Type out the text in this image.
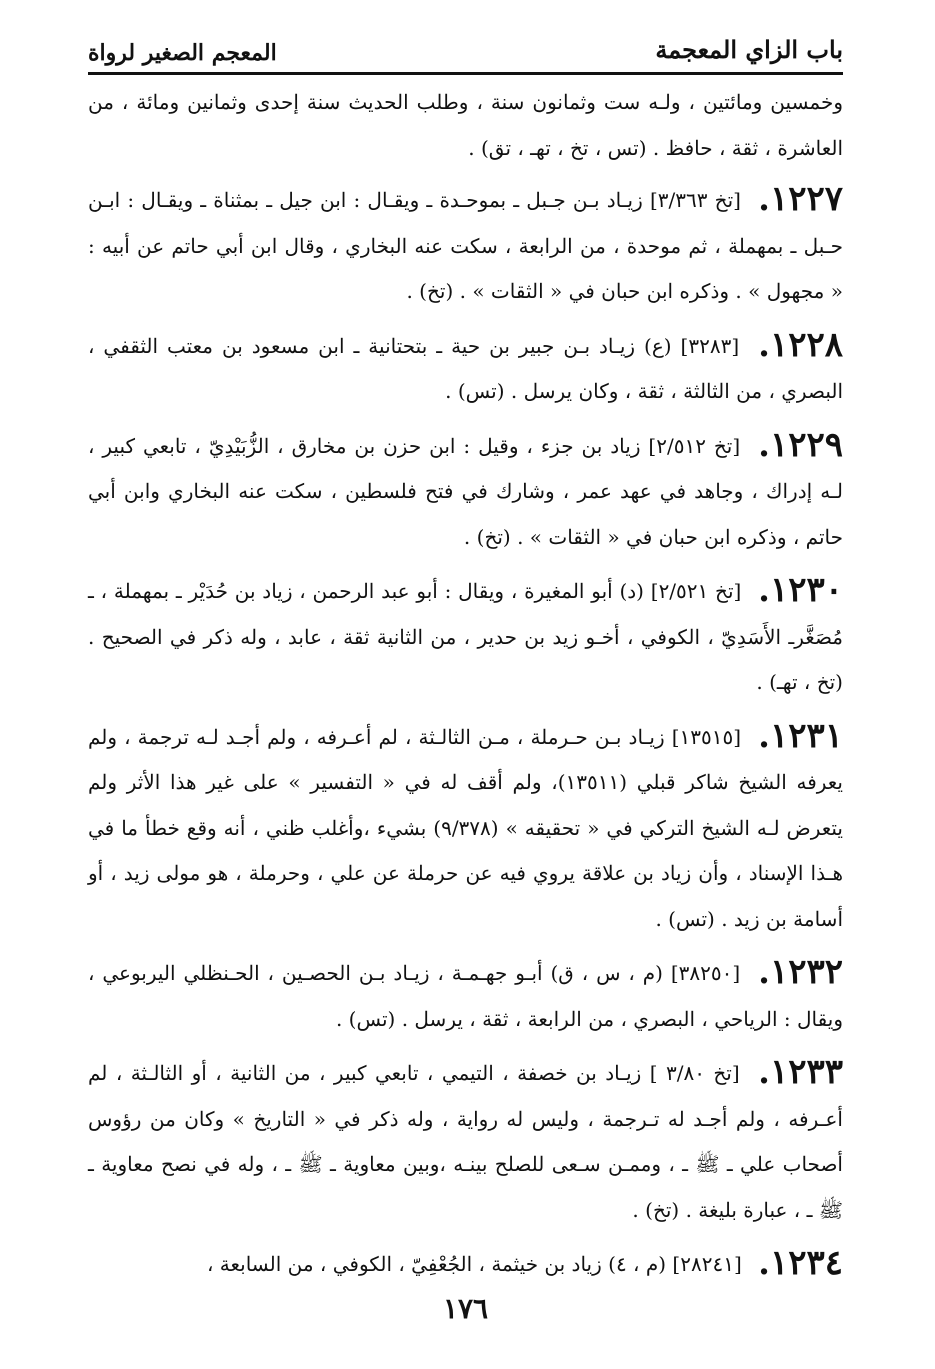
باب الزاي المعجمة
المعجم الصغير لرواة

وخمسين ومائتين ، ولـه ست وثمانون سنة ، وطلب الحديث سنة إحدى وثمانين ومائة ، من العاشرة ، ثقة ، حافظ . (تس ، تخ ، تهـ ، تق) .

١٢٢٧. [تخ ٣/٣٦٣] زيـاد بـن جـبل ـ بموحـدة ـ ويقـال : ابن جيل ـ بمثناة ـ ويقـال : ابـن حـبل ـ بمهملة ، ثم موحدة ، من الرابعة ، سكت عنه البخاري ، وقال ابن أبي حاتم عن أبيه : « مجهول » . وذكره ابن حبان في « الثقات » . (تخ) .

١٢٢٨. [٣٢٨٣] (ع) زيـاد بـن جبير بن حية ـ بتحتانية ـ ابن مسعود بن معتب الثقفي ، البصري ، من الثالثة ، ثقة ، وكان يرسل . (تس) .

١٢٢٩. [تخ ٢/٥١٢] زياد بن جزء ، وقيل : ابن حزن بن مخارق ، الزُّبَيْدِيّ ، تابعي كبير ، لـه إدراك ، وجاهد في عهد عمر ، وشارك في فتح فلسطين ، سكت عنه البخاري وابن أبي حاتم ، وذكره ابن حبان في « الثقات » . (تخ) .

١٢٣٠. [تخ ٢/٥٢١] (د) أبو المغيرة ، ويقال : أبو عبد الرحمن ، زياد بن حُدَيْر ـ بمهملة ، ـ مُصَغَّرـ الأَسَدِيّ ، الكوفي ، أخـو زيد بن حدير ، من الثانية ثقة ، عابد ، وله ذكر في الصحيح . (تخ ، تهـ) .

١٢٣١. [١٣٥١٥] زيـاد بـن حـرملة ، مـن الثالـثة ، لم أعـرفه ، ولم أجـد لـه ترجمة ، ولم يعرفه الشيخ شاكر قبلي (١٣٥١١)، ولم أقف له في « التفسير » على غير هذا الأثر ولم يتعرض لـه الشيخ التركي في « تحقيقه » (٩/٣٧٨) بشيء ،وأغلب ظني ، أنه وقع خطأ ما في هـذا الإسناد ، وأن زياد بن علاقة يروي فيه عن حرملة عن علي ، وحرملة ، هو مولى زيد ، أو أسامة بن زيد . (تس) .

١٢٣٢. [٣٨٢٥٠] (م ، س ، ق) أبـو جهـمـة ، زيـاد بـن الحصـين ، الحـنظلي اليربوعي ، ويقال : الرياحي ، البصري ، من الرابعة ، ثقة ، يرسل . (تس) .

١٢٣٣. [تخ ٣/٨٠ ] زيـاد بن خصفة ، التيمي ، تابعي كبير ، من الثانية ، أو الثالـثة ، لم أعـرفه ، ولم أجـد له تـرجمة ، وليس له رواية ، وله ذكر في « التاريخ » وكان من رؤوس أصحاب علي ـ ﷺ ـ ، وممـن سـعى للصلح بينـه ،وبين معاوية ـ ﷺ ـ ، وله في نصح معاوية ـ ﷺ ـ ، عبارة بليغة . (تخ) .

١٢٣٤. [٢٨٢٤١] (م ، ٤) زياد بن خيثمة ، الجُعْفِيّ ، الكوفي ، من السابعة ،

١٧٦
